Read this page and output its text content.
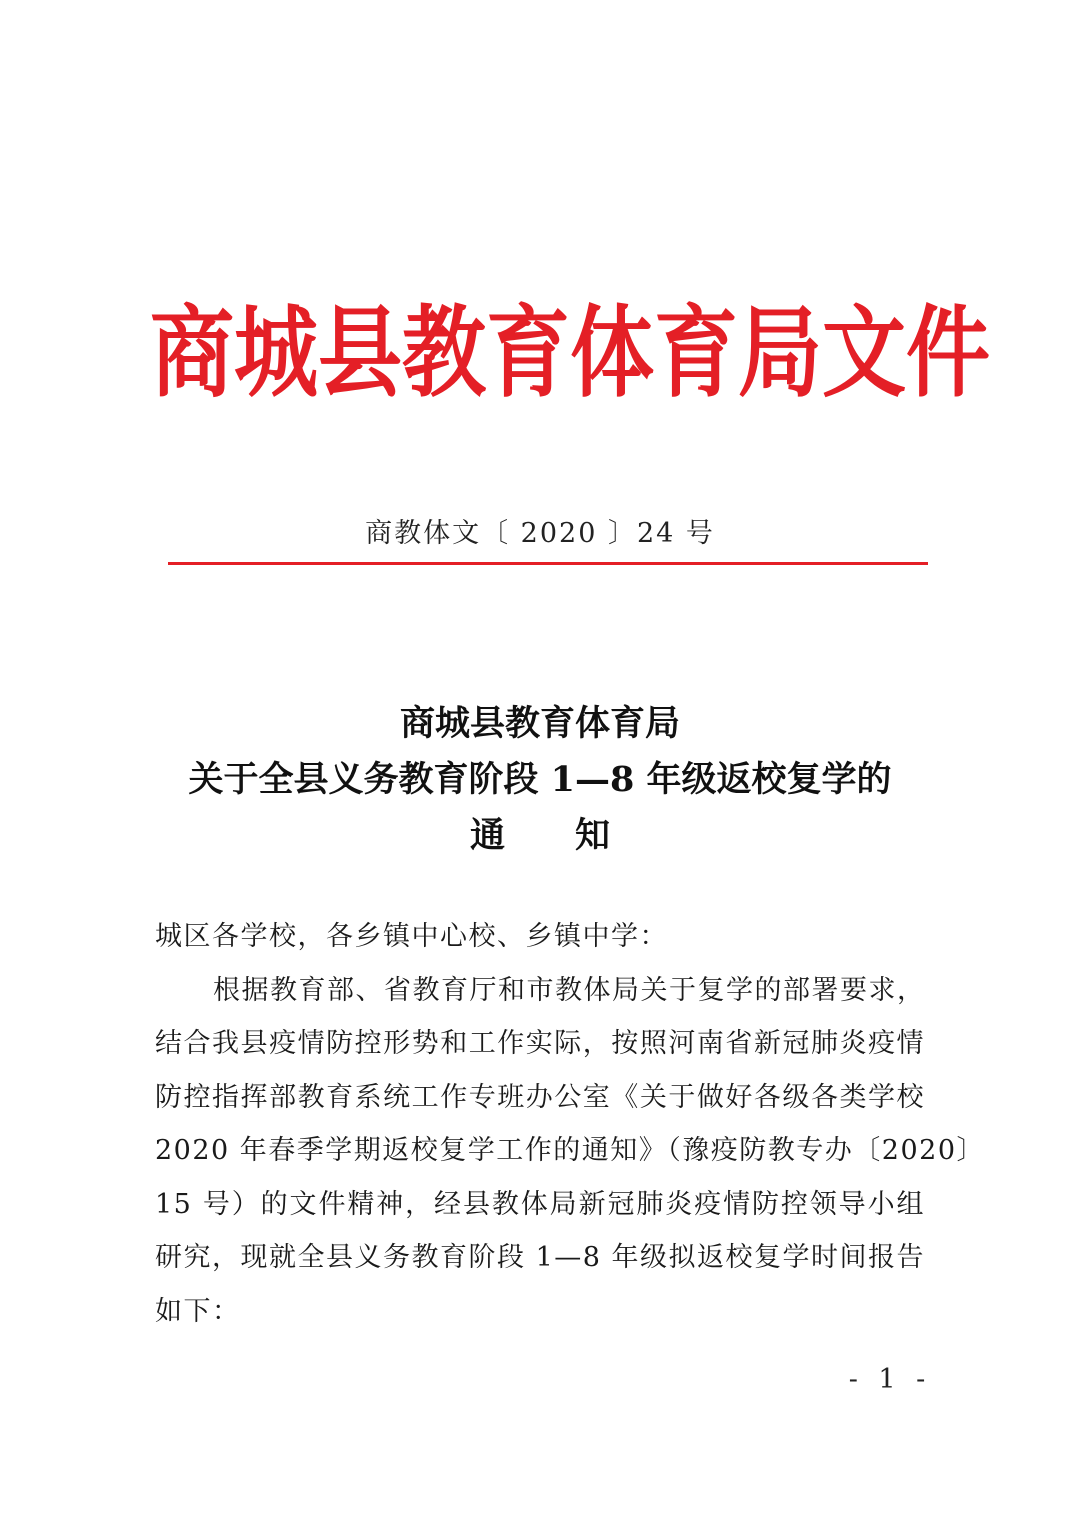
商城县教育体育局文件
商教体文〔 2020 〕24 号
商城县教育体育局
关于全县义务教育阶段 1—8 年级返校复学的
通 知
城区各学校，各乡镇中心校、乡镇中学：
根据教育部、省教育厅和市教体局关于复学的部署要求，
结合我县疫情防控形势和工作实际，按照河南省新冠肺炎疫情
防控指挥部教育系统工作专班办公室《关于做好各级各类学校
2020 年春季学期返校复学工作的通知》（豫疫防教专办〔2020〕
15 号）的文件精神，经县教体局新冠肺炎疫情防控领导小组
研究，现就全县义务教育阶段 1—8 年级拟返校复学时间报告
如下：
- 1 -
